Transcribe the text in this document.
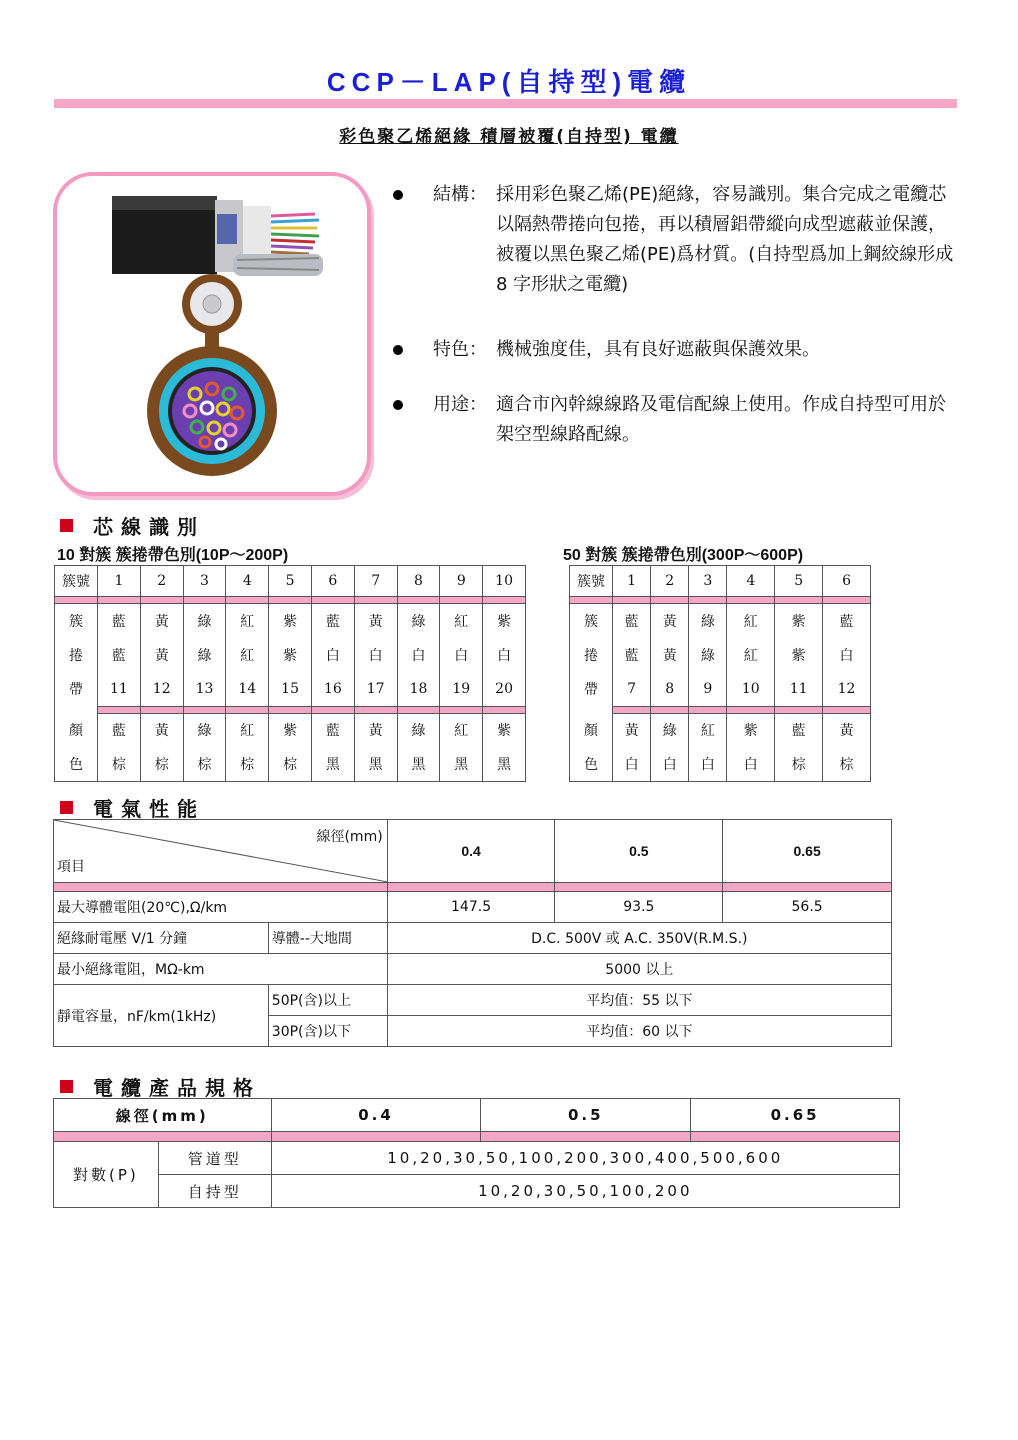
CCP－LAP(自持型)電纜
彩色聚乙烯絕緣 積層被覆(自持型) 電纜
結構： 採用彩色聚乙烯(PE)絕緣，容易識別。集合完成之電纜芯以隔熱帶捲向包捲，再以積層鋁帶縱向成型遮蔽並保護，被覆以黑色聚乙烯(PE)爲材質。(自持型爲加上鋼絞線形成 8 字形狀之電纜)
特色： 機械強度佳，具有良好遮蔽與保護效果。
用途： 適合市內幹線線路及電信配線上使用。作成自持型可用於架空型線路配線。
芯線識別
10 對簇 簇捲帶色別(10P～200P)	50 對簇 簇捲帶色別(300P～600P)
簇號	1	2	3	4	5	6	7	8	9	10

簇	藍	黃	綠	紅	紫	藍	黃	綠	紅	紫
捲	藍	黃	綠	紅	紫	白	白	白	白	白
帶	11	12	13	14	15	16	17	18	19	20

顏	藍	黃	綠	紅	紫	藍	黃	綠	紅	紫
色	棕	棕	棕	棕	棕	黑	黑	黑	黑	黑
簇號	1	2	3	4	5	6

簇	藍	黃	綠	紅	紫	藍
捲	藍	黃	綠	紅	紫	白
帶	7	8	9	10	11	12

顏	黃	綠	紅	紫	藍	黃
色	白	白	白	白	棕	棕
電氣性能
線徑(mm)
項目		0.4	0.5	0.65

最大導體電阻(20℃),Ω/km		147.5	93.5	56.5
絕緣耐電壓 V/1 分鐘	導體--大地間	D.C. 500V 或 A.C. 350V(R.M.S.)		
最小絕緣電阻，MΩ-km		5000 以上		
靜電容量，nF/km(1kHz)	50P(含)以上	平均值：55 以下		
	30P(含)以下	平均值：60 以下		
電纜產品規格
線徑(mm)		0.4	0.5	0.65

對數(P)	管道型	10,20,30,50,100,200,300,400,500,600		
	自持型	10,20,30,50,100,200		
